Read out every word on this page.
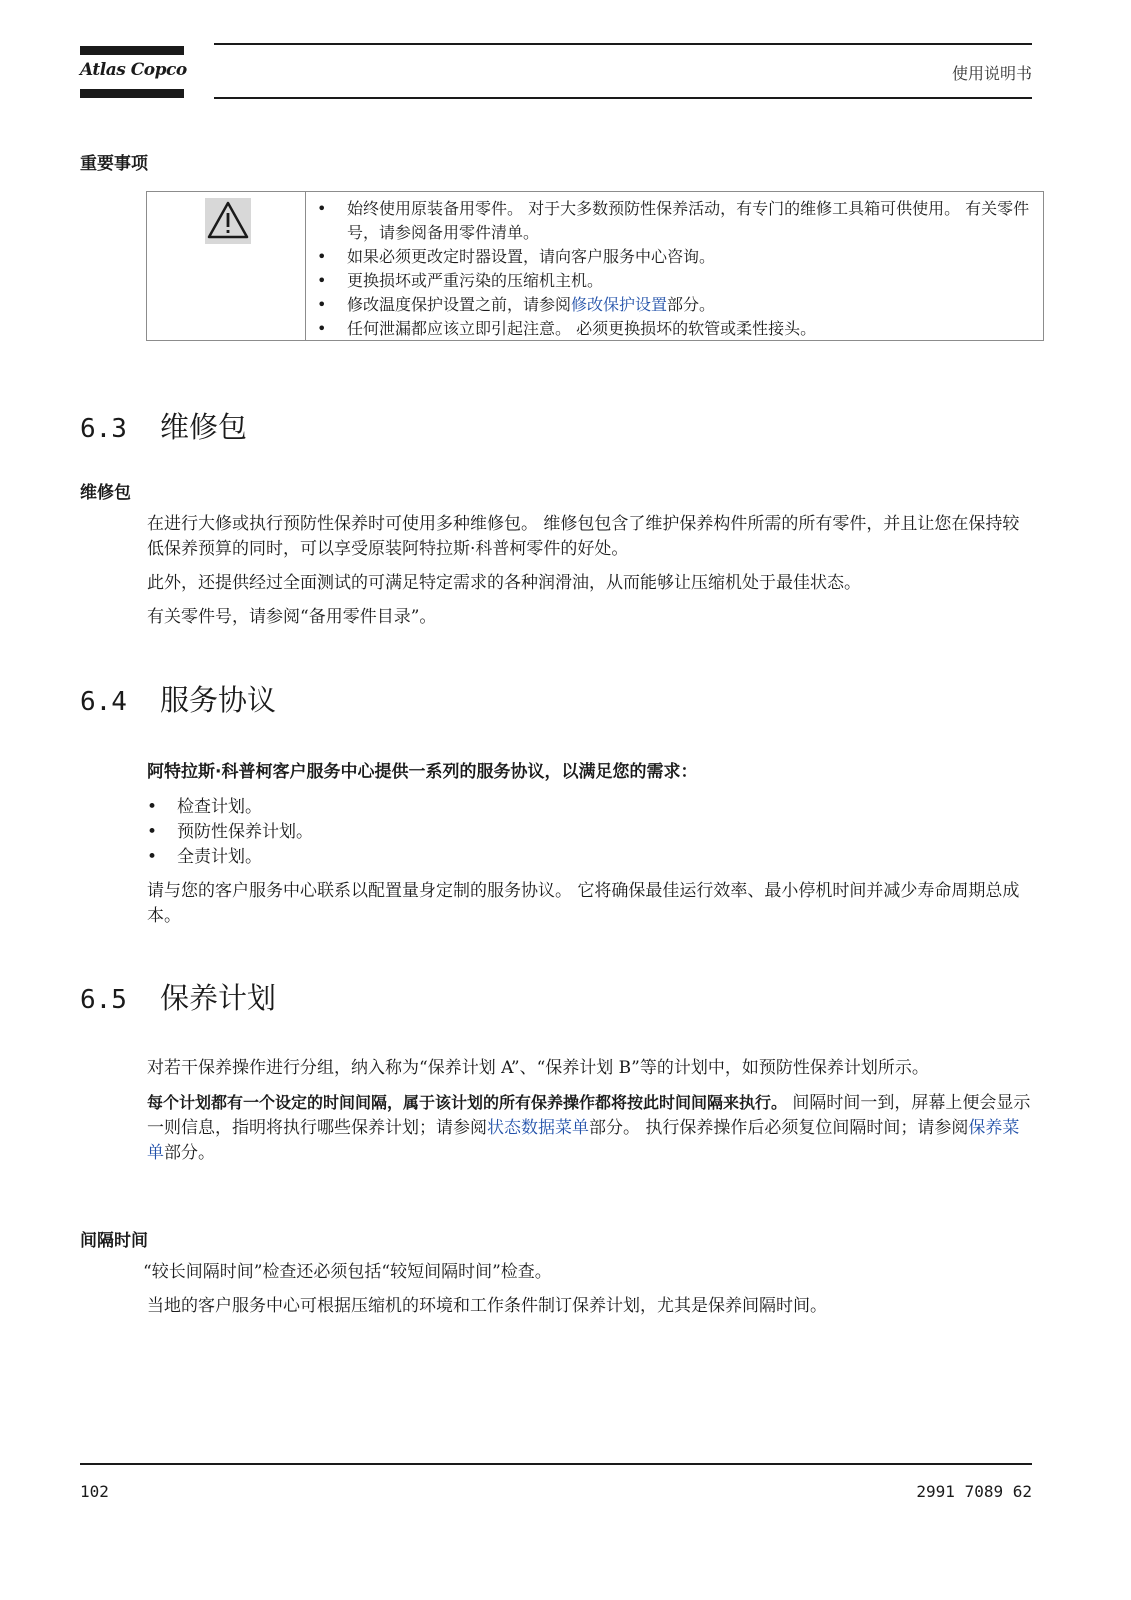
Atlas Copco	使用说明书
重要事项
• 始终使用原装备用零件。 对于大多数预防性保养活动，有专门的维修工具箱可供使用。 有关零件号，请参阅备用零件清单。
• 如果必须更改定时器设置，请向客户服务中心咨询。
• 更换损坏或严重污染的压缩机主机。
• 修改温度保护设置之前，请参阅修改保护设置部分。
• 任何泄漏都应该立即引起注意。 必须更换损坏的软管或柔性接头。
6.3 维修包
维修包

在进行大修或执行预防性保养时可使用多种维修包。 维修包包含了维护保养构件所需的所有零件，并且让您在保持较低保养预算的同时，可以享受原装阿特拉斯·科普柯零件的好处。

此外，还提供经过全面测试的可满足特定需求的各种润滑油，从而能够让压缩机处于最佳状态。

有关零件号，请参阅“备用零件目录”。

6.4 服务协议

阿特拉斯·科普柯客户服务中心提供一系列的服务协议，以满足您的需求：

• 检查计划。
• 预防性保养计划。
• 全责计划。

请与您的客户服务中心联系以配置量身定制的服务协议。 它将确保最佳运行效率、最小停机时间并减少寿命周期总成本。

6.5 保养计划

对若干保养操作进行分组，纳入称为“保养计划 A”、“保养计划 B”等的计划中，如预防性保养计划所示。

每个计划都有一个设定的时间间隔，属于该计划的所有保养操作都将按此时间间隔来执行。 间隔时间一到，屏幕上便会显示一则信息，指明将执行哪些保养计划；请参阅状态数据菜单部分。 执行保养操作后必须复位间隔时间；请参阅保养菜单部分。

间隔时间

“较长间隔时间”检查还必须包括“较短间隔时间”检查。

当地的客户服务中心可根据压缩机的环境和工作条件制订保养计划，尤其是保养间隔时间。

102	2991 7089 62
